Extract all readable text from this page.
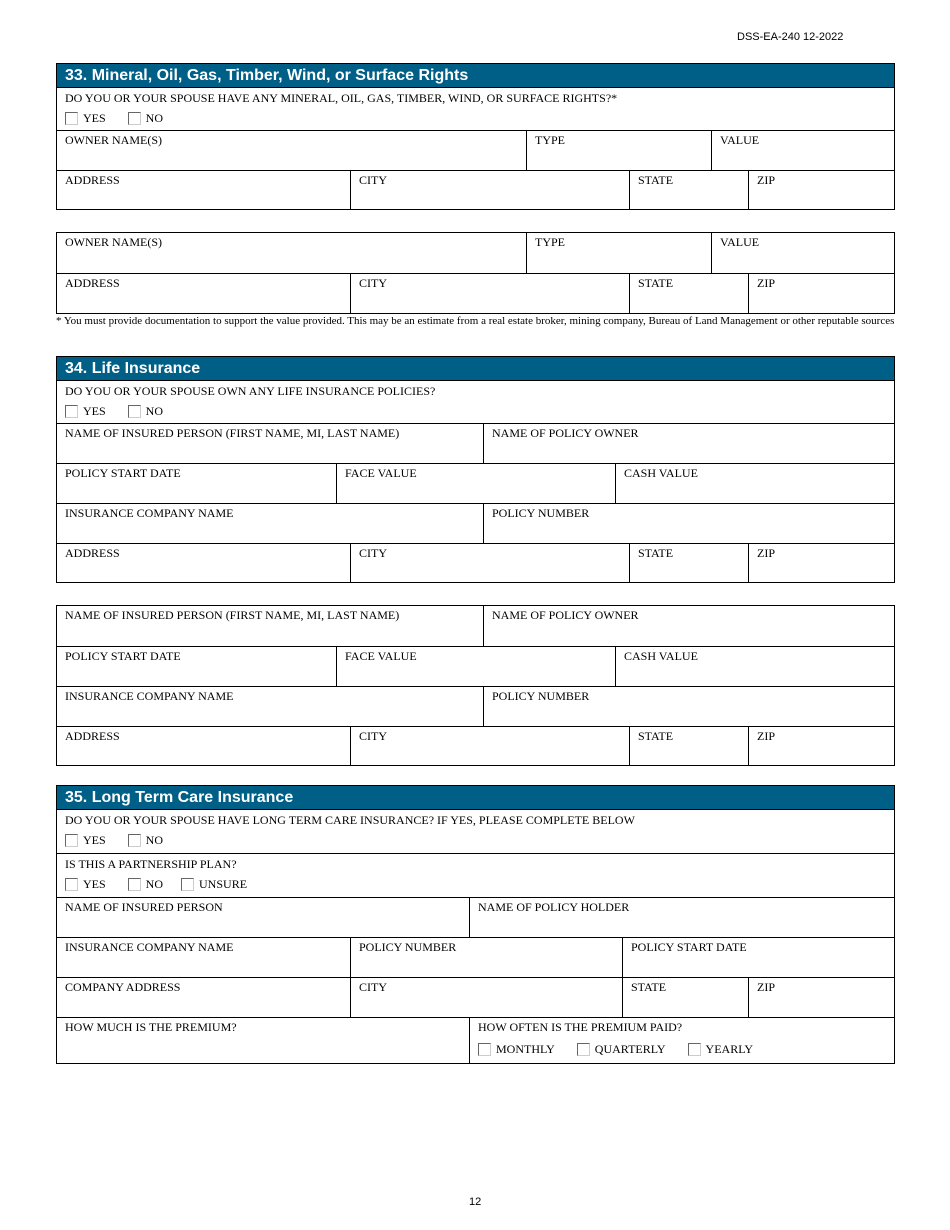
DSS-EA-240 12-2022
33. Mineral, Oil, Gas, Timber, Wind, or Surface Rights
DO YOU OR YOUR SPOUSE HAVE ANY MINERAL, OIL, GAS, TIMBER, WIND, OR SURFACE RIGHTS?*
YES	NO
OWNER NAME(S)	TYPE	VALUE
ADDRESS	CITY	STATE	ZIP
OWNER NAME(S)	TYPE	VALUE
ADDRESS	CITY	STATE	ZIP
* You must provide documentation to support the value provided. This may be an estimate from a real estate broker, mining company, Bureau of Land Management or other reputable sources
34. Life Insurance
DO YOU OR YOUR SPOUSE OWN ANY LIFE INSURANCE POLICIES?
YES	NO
NAME OF INSURED PERSON (FIRST NAME, MI, LAST NAME)	NAME OF POLICY OWNER
POLICY START DATE	FACE VALUE	CASH VALUE
INSURANCE COMPANY NAME	POLICY NUMBER
ADDRESS	CITY	STATE	ZIP
NAME OF INSURED PERSON (FIRST NAME, MI, LAST NAME)	NAME OF POLICY OWNER
POLICY START DATE	FACE VALUE	CASH VALUE
INSURANCE COMPANY NAME	POLICY NUMBER
ADDRESS	CITY	STATE	ZIP
35. Long Term Care Insurance
DO YOU OR YOUR SPOUSE HAVE LONG TERM CARE INSURANCE? IF YES, PLEASE COMPLETE BELOW
YES	NO
IS THIS A PARTNERSHIP PLAN?
YES	NO	UNSURE
NAME OF INSURED PERSON	NAME OF POLICY HOLDER
INSURANCE COMPANY NAME	POLICY NUMBER	POLICY START DATE
COMPANY ADDRESS	CITY	STATE	ZIP
HOW MUCH IS THE PREMIUM?	HOW OFTEN IS THE PREMIUM PAID?
MONTHLY	QUARTERLY	YEARLY
12
